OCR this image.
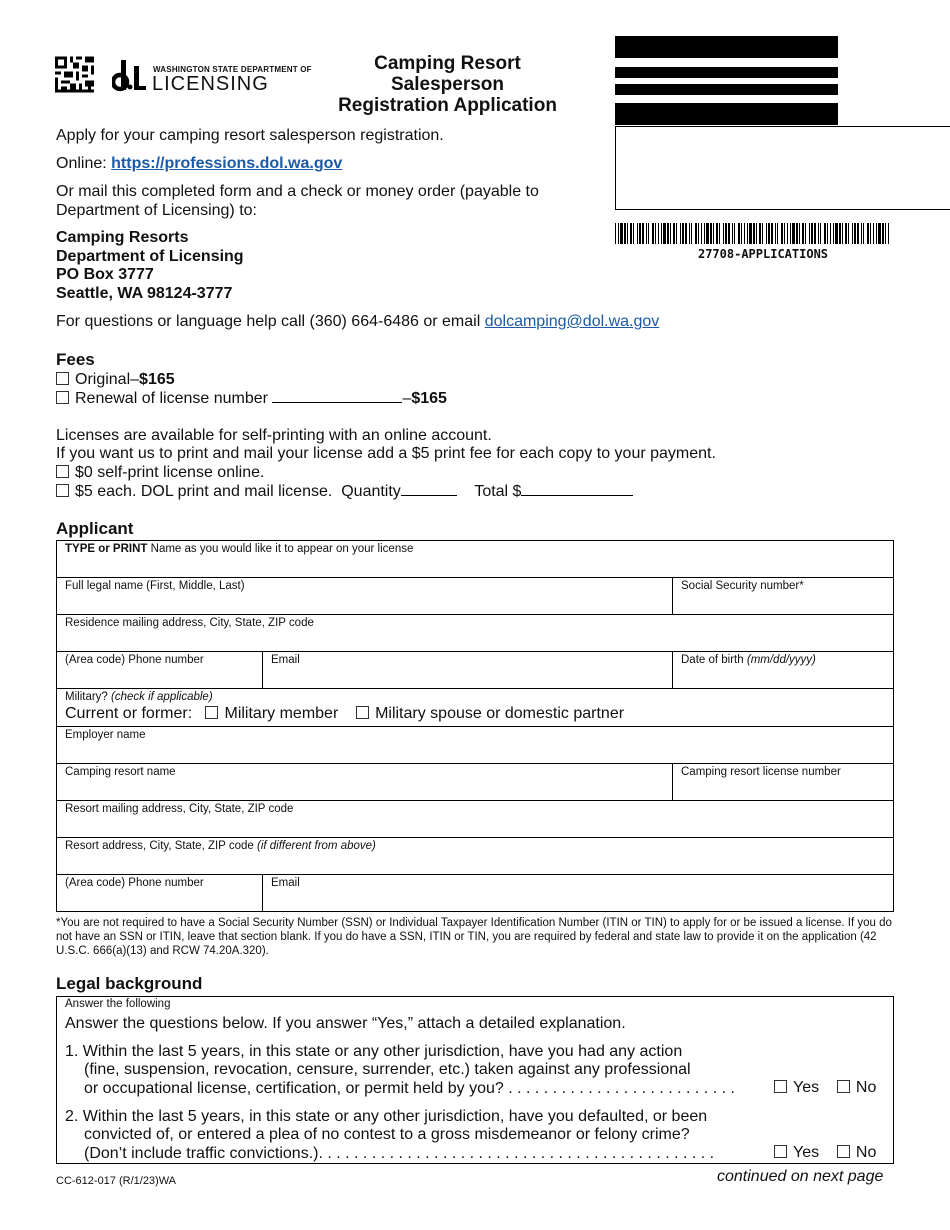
WASHINGTON STATE DEPARTMENT OF
LICENSING
Camping Resort
Salesperson
Registration Application
27708-APPLICATIONS
Apply for your camping resort salesperson registration.
Online: https://professions.dol.wa.gov
Or mail this completed form and a check or money order (payable to
Department of Licensing) to:
Camping Resorts
Department of Licensing
PO Box 3777
Seattle, WA 98124-3777
For questions or language help call (360) 664-6486 or email dolcamping@dol.wa.gov
Fees
Original–$165
Renewal of license number	–$165
Licenses are available for self-printing with an online account.
If you want us to print and mail your license add a $5 print fee for each copy to your payment.
$0 self-print license online.
$5 each. DOL print and mail license. Quantity	Total $
Applicant
TYPE or PRINT Name as you would like it to appear on your license
Full legal name (First, Middle, Last)	Social Security number*
Residence mailing address, City, State, ZIP code
(Area code) Phone number	Email	Date of birth (mm/dd/yyyy)
Military? (check if applicable)
Current or former: Military member Military spouse or domestic partner
Employer name
Camping resort name	Camping resort license number
Resort mailing address, City, State, ZIP code
Resort address, City, State, ZIP code (if different from above)
(Area code) Phone number	Email
*You are not required to have a Social Security Number (SSN) or Individual Taxpayer Identification Number (ITIN or TIN) to apply for or be issued a license. If you do not have an SSN or ITIN, leave that section blank. If you do have a SSN, ITIN or TIN, you are required by federal and state law to provide it on the application (42 U.S.C. 666(a)(13) and RCW 74.20A.320).
Legal background
Answer the following
Answer the questions below. If you answer “Yes,” attach a detailed explanation.
1. Within the last 5 years, in this state or any other jurisdiction, have you had any action
(fine, suspension, revocation, censure, surrender, etc.) taken against any professional
or occupational license, certification, or permit held by you? . . . . . . . . . . . . . . . . . . . . . . . . . .	Yes No
2. Within the last 5 years, in this state or any other jurisdiction, have you defaulted, or been
convicted of, or entered a plea of no contest to a gross misdemeanor or felony crime?
(Don’t include traffic convictions.). . . . . . . . . . . . . . . . . . . . . . . . . . . . . . . . . . . . . . . . . . . . .	Yes No
CC-612-017 (R/1/23)WA	continued on next page
